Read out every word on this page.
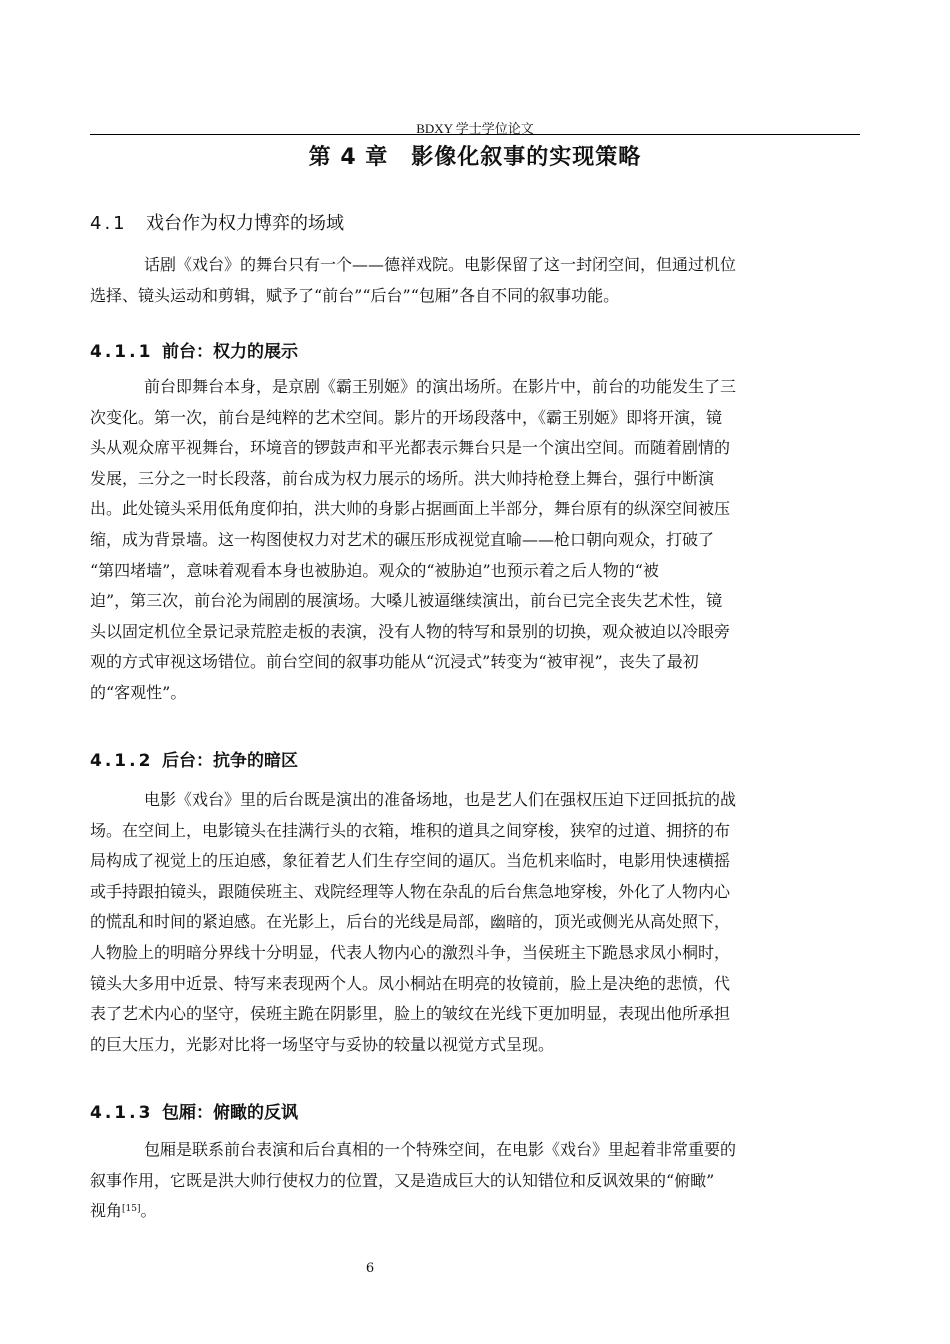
BDXY 学士学位论文
第 4 章　影像化叙事的实现策略
4.1 戏台作为权力博弈的场域
话剧《戏台》的舞台只有一个——德祥戏院。电影保留了这一封闭空间，但通过机位
选择、镜头运动和剪辑，赋予了“前台”“后台”“包厢”各自不同的叙事功能。
4.1.1 前台：权力的展示
前台即舞台本身，是京剧《霸王别姬》的演出场所。在影片中，前台的功能发生了三
次变化。第一次，前台是纯粹的艺术空间。影片的开场段落中，《霸王别姬》即将开演，镜
头从观众席平视舞台，环境音的锣鼓声和平光都表示舞台只是一个演出空间。而随着剧情的
发展，三分之一时长段落，前台成为权力展示的场所。洪大帅持枪登上舞台，强行中断演
出。此处镜头采用低角度仰拍，洪大帅的身影占据画面上半部分，舞台原有的纵深空间被压
缩，成为背景墙。这一构图使权力对艺术的碾压形成视觉直喻——枪口朝向观众，打破了
“第四堵墙”，意味着观看本身也被胁迫。观众的“被胁迫”也预示着之后人物的“被
迫”，第三次，前台沦为闹剧的展演场。大嗓儿被逼继续演出，前台已完全丧失艺术性，镜
头以固定机位全景记录荒腔走板的表演，没有人物的特写和景别的切换，观众被迫以冷眼旁
观的方式审视这场错位。前台空间的叙事功能从“沉浸式”转变为“被审视”，丧失了最初
的“客观性”。
4.1.2 后台：抗争的暗区
电影《戏台》里的后台既是演出的准备场地，也是艺人们在强权压迫下迂回抵抗的战
场。在空间上，电影镜头在挂满行头的衣箱，堆积的道具之间穿梭，狭窄的过道、拥挤的布
局构成了视觉上的压迫感，象征着艺人们生存空间的逼仄。当危机来临时，电影用快速横摇
或手持跟拍镜头，跟随侯班主、戏院经理等人物在杂乱的后台焦急地穿梭，外化了人物内心
的慌乱和时间的紧迫感。在光影上，后台的光线是局部，幽暗的，顶光或侧光从高处照下，
人物脸上的明暗分界线十分明显，代表人物内心的激烈斗争，当侯班主下跪恳求凤小桐时，
镜头大多用中近景、特写来表现两个人。凤小桐站在明亮的妆镜前，脸上是决绝的悲愤，代
表了艺术内心的坚守，侯班主跪在阴影里，脸上的皱纹在光线下更加明显，表现出他所承担
的巨大压力，光影对比将一场坚守与妥协的较量以视觉方式呈现。
4.1.3 包厢：俯瞰的反讽
包厢是联系前台表演和后台真相的一个特殊空间，在电影《戏台》里起着非常重要的
叙事作用，它既是洪大帅行使权力的位置，又是造成巨大的认知错位和反讽效果的“俯瞰”
视角[15]。
6
